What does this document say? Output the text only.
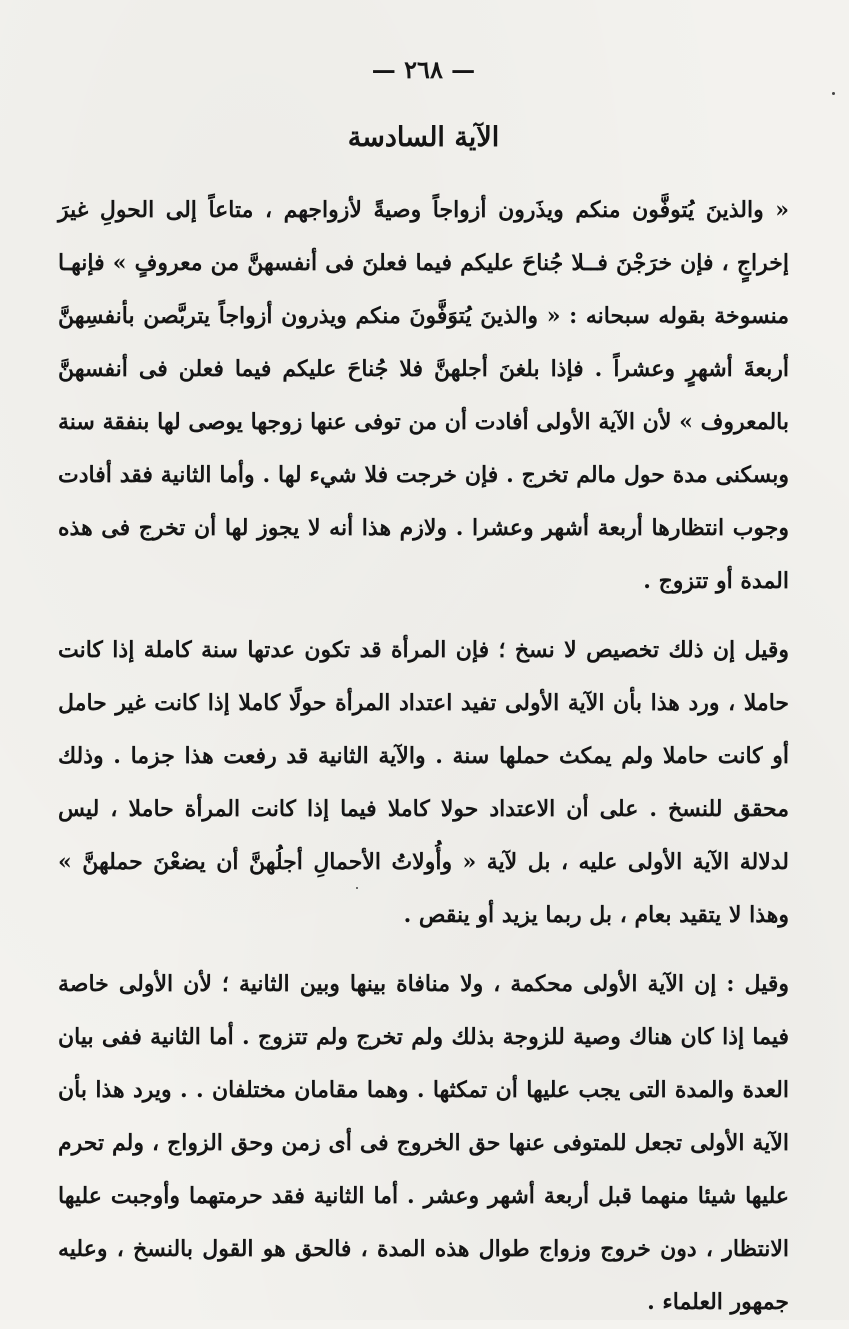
— ٢٦٨ —
الآية السادسة

« والذينَ يُتوفَّون منكم ويذَرون أزواجاً وصيةً لأزواجهم ، متاعاً إلى الحولِ غيرَ إخراجٍ ، فإن خرَجْنَ فــلا جُناحَ عليكم فيما فعلنَ فى أنفسهنَّ من معروفٍ » فإنهـا منسوخة بقوله سبحانه : « والذينَ يُتوَفَّونَ منكم ويذرون أزواجاً يتربَّصن بأنفسِهنَّ أربعةَ أشهرٍ وعشراً . فإذا بلغنَ أجلهنَّ فلا جُناحَ عليكم فيما فعلن فى أنفسهنَّ بالمعروف » لأن الآية الأولى أفادت أن من توفى عنها زوجها يوصى لها بنفقة سنة وبسكنى مدة حول مالم تخرج . فإن خرجت فلا شيء لها . وأما الثانية فقد أفادت وجوب انتظارها أربعة أشهر وعشرا . ولازم هذا أنه لا يجوز لها أن تخرج فى هذه المدة أو تتزوج .

وقيل إن ذلك تخصيص لا نسخ ؛ فإن المرأة قد تكون عدتها سنة كاملة إذا كانت حاملا ، ورد هذا بأن الآية الأولى تفيد اعتداد المرأة حولًا كاملا إذا كانت غير حامل أو كانت حاملا ولم يمكث حملها سنة . والآية الثانية قد رفعت هذا جزما . وذلك محقق للنسخ . على أن الاعتداد حولا كاملا فيما إذا كانت المرأة حاملا ، ليس لدلالة الآية الأولى عليه ، بل لآية « وأُولاتُ الأحمالِ أجلُهنَّ أن يضعْنَ حملهنَّ » وهذا لا يتقيد بعام ، بل ربما يزيد أو ينقص .

وقيل : إن الآية الأولى محكمة ، ولا منافاة بينها وبين الثانية ؛ لأن الأولى خاصة فيما إذا كان هناك وصية للزوجة بذلك ولم تخرج ولم تتزوج . أما الثانية ففى بيان العدة والمدة التى يجب عليها أن تمكثها . وهما مقامان مختلفان . . ويرد هذا بأن الآية الأولى تجعل للمتوفى عنها حق الخروج فى أى زمن وحق الزواج ، ولم تحرم عليها شيئا منهما قبل أربعة أشهر وعشر . أما الثانية فقد حرمتهما وأوجبت عليها الانتظار ، دون خروج وزواج طوال هذه المدة ، فالحق هو القول بالنسخ ، وعليه جمهور العلماء .
